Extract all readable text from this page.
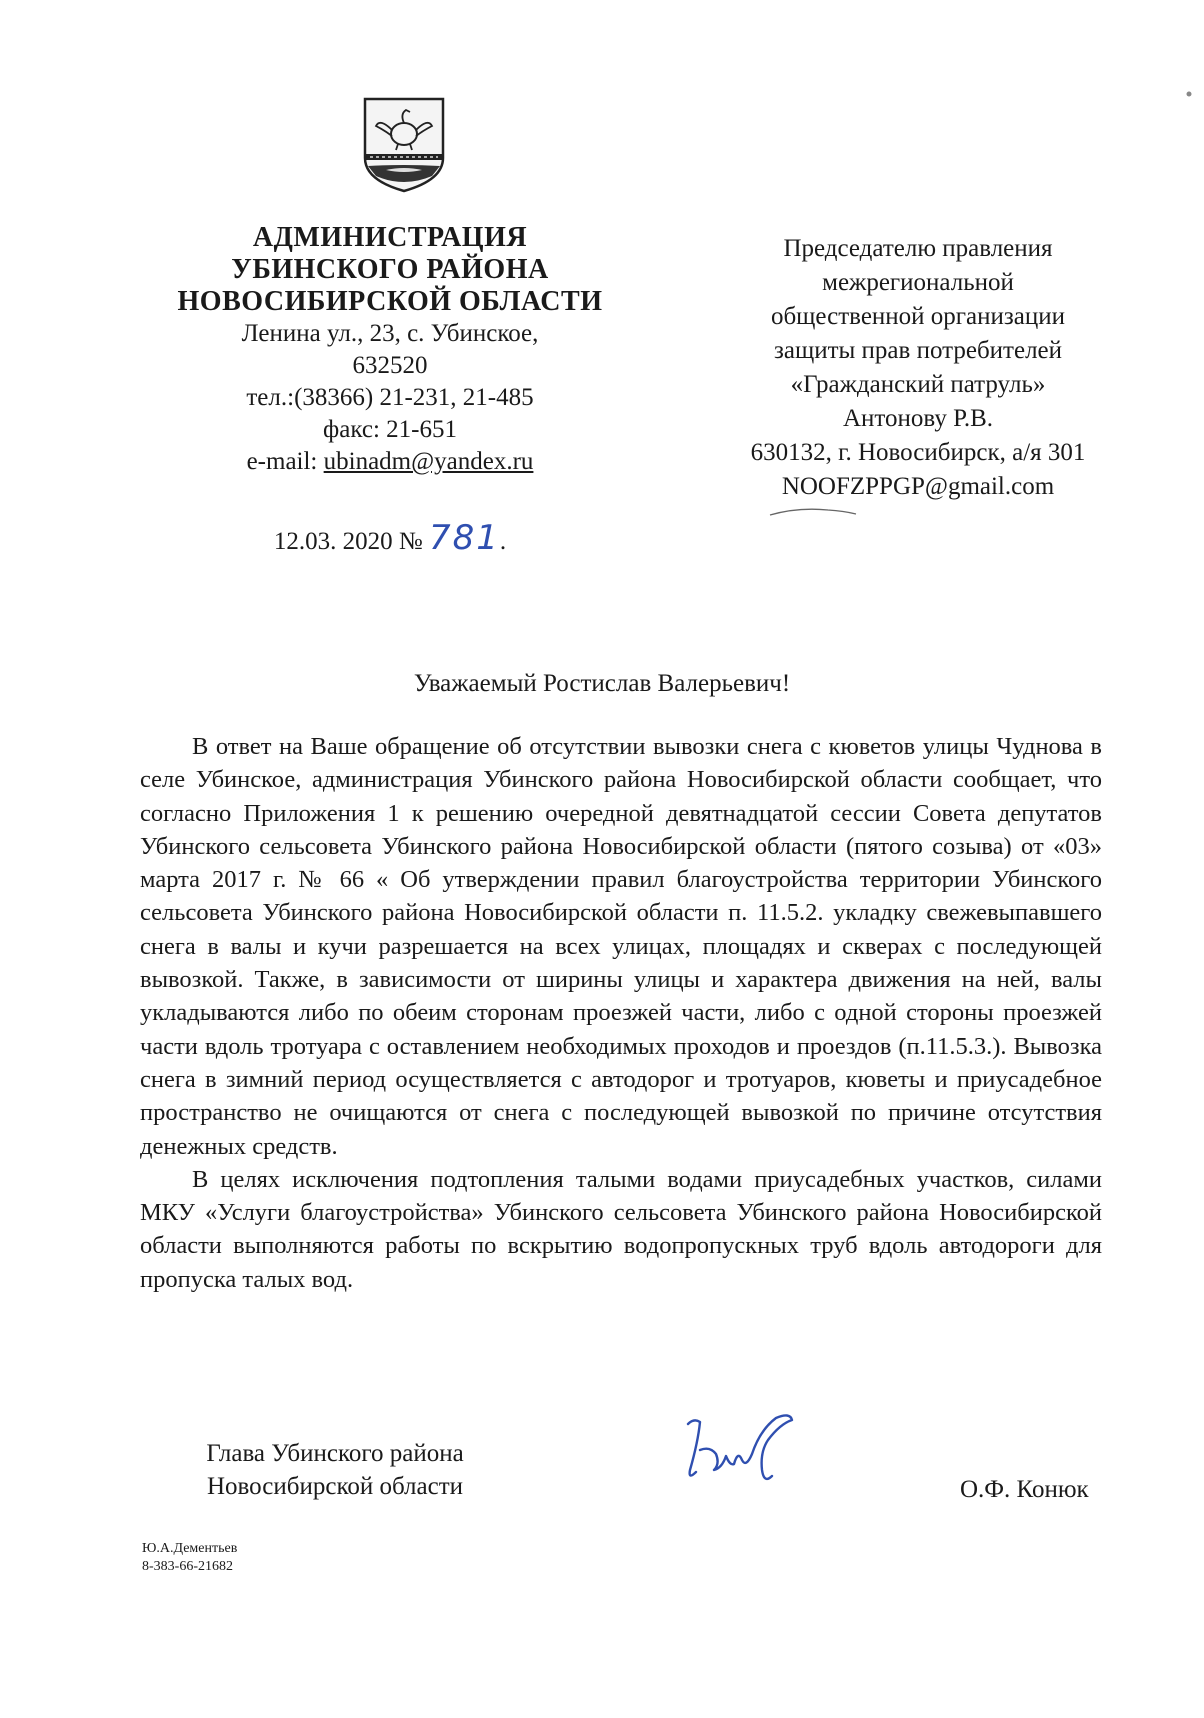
АДМИНИСТРАЦИЯ
УБИНСКОГО РАЙОНА
НОВОСИБИРСКОЙ ОБЛАСТИ
Ленина ул., 23, с. Убинское,
632520
тел.:(38366) 21-231, 21-485
факс: 21-651
e-mail: ubinadm@yandex.ru
12.03. 2020 № 781.
Председателю правления
межрегиональной
общественной организации
защиты прав потребителей
«Гражданский патруль»
Антонову Р.В.
630132, г. Новосибирск, а/я 301
NOOFZPPGP@gmail.com
Уважаемый Ростислав Валерьевич!

В ответ на Ваше обращение об отсутствии вывозки снега с кюветов улицы Чуднова в селе Убинское, администрация Убинского района Новосибирской области сообщает, что согласно Приложения 1 к решению очередной девятнадцатой сессии Совета депутатов Убинского сельсовета Убинского района Новосибирской области (пятого созыва) от «03» марта 2017 г. № 66 « Об утверждении правил благоустройства территории Убинского сельсовета Убинского района Новосибирской области п. 11.5.2. укладку свежевыпавшего снега в валы и кучи разрешается на всех улицах, площадях и скверах с последующей вывозкой. Также, в зависимости от ширины улицы и характера движения на ней, валы укладываются либо по обеим сторонам проезжей части, либо с одной стороны проезжей части вдоль тротуара с оставлением необходимых проходов и проездов (п.11.5.3.). Вывозка снега в зимний период осуществляется с автодорог и тротуаров, кюветы и приусадебное пространство не очищаются от снега с последующей вывозкой по причине отсутствия денежных средств.

В целях исключения подтопления талыми водами приусадебных участков, силами МКУ «Услуги благоустройства» Убинского сельсовета Убинского района Новосибирской области выполняются работы по вскрытию водопропускных труб вдоль автодороги для пропуска талых вод.

Глава Убинского района
Новосибирской области	О.Ф. Конюк
Ю.А.Дементьев
8-383-66-21682
